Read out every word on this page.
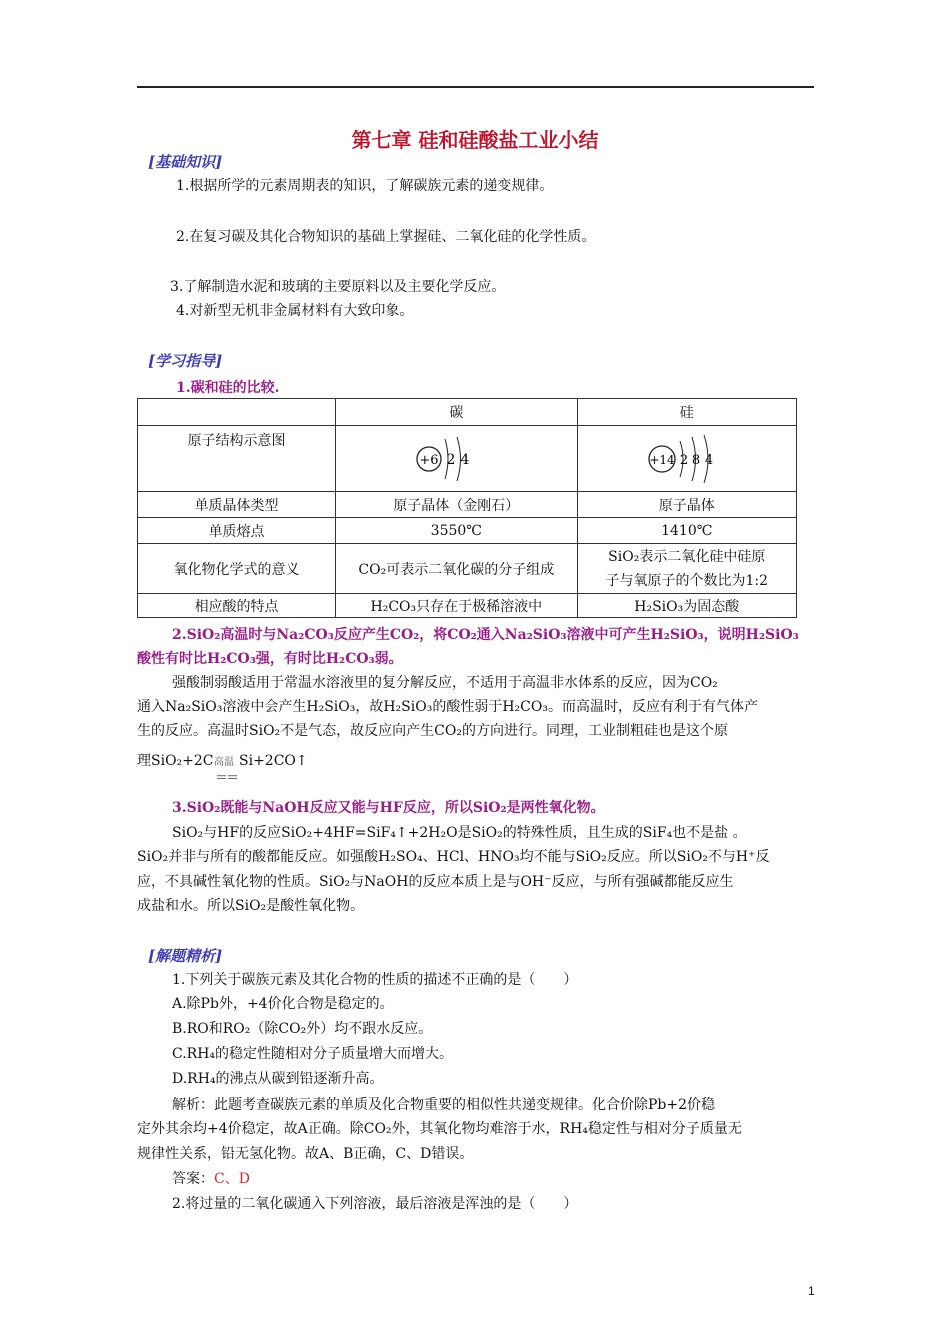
第七章 硅和硅酸盐工业小结
[基础知识]
1.根据所学的元素周期表的知识，了解碳族元素的递变规律。
2.在复习碳及其化合物知识的基础上掌握硅、二氧化硅的化学性质。
3.了解制造水泥和玻璃的主要原料以及主要化学反应。
4.对新型无机非金属材料有大致印象。
[学习指导]
1.碳和硅的比较.
	碳	硅
原子结构示意图	+6 2 4	+14 2 8 4

单质晶体类型	原子晶体（金刚石）	原子晶体
单质熔点	3550℃	1410℃
氧化物化学式的意义	CO₂可表示二氧化碳的分子组成	SiO₂表示二氧化硅中硅原
子与氧原子的个数比为1:2

相应酸的特点	H₂CO₃只存在于极稀溶液中	H₂SiO₃为固态酸
2.SiO₂高温时与Na₂CO₃反应产生CO₂，将CO₂通入Na₂SiO₃溶液中可产生H₂SiO₃，说明H₂SiO₃
酸性有时比H₂CO₃强，有时比H₂CO₃弱。
强酸制弱酸适用于常温水溶液里的复分解反应，不适用于高温非水体系的反应，因为CO₂
通入Na₂SiO₃溶液中会产生H₂SiO₃，故H₂SiO₃的酸性弱于H₂CO₃。而高温时，反应有利于有气体产
生的反应。高温时SiO₂不是气态，故反应向产生CO₂的方向进行。同理，工业制粗硅也是这个原
理SiO₂+2C 高温 Si+2CO↑
＝＝
3.SiO₂既能与NaOH反应又能与HF反应，所以SiO₂是两性氧化物。
SiO₂与HF的反应SiO₂+4HF=SiF₄↑+2H₂O是SiO₂的特殊性质，且生成的SiF₄也不是盐 。
SiO₂并非与所有的酸都能反应。如强酸H₂SO₄、HCl、HNO₃均不能与SiO₂反应。所以SiO₂不与H⁺反
应，不具碱性氧化物的性质。SiO₂与NaOH的反应本质上是与OH⁻反应，与所有强碱都能反应生
成盐和水。所以SiO₂是酸性氧化物。
[解题精析]
1.下列关于碳族元素及其化合物的性质的描述不正确的是（　　）
A.除Pb外，+4价化合物是稳定的。
B.RO和RO₂（除CO₂外）均不跟水反应。
C.RH₄的稳定性随相对分子质量增大而增大。
D.RH₄的沸点从碳到铅逐渐升高。
解析：此题考查碳族元素的单质及化合物重要的相似性共递变规律。化合价除Pb+2价稳
定外其余均+4价稳定，故A正确。除CO₂外，其氧化物均难溶于水，RH₄稳定性与相对分子质量无
规律性关系，铅无氢化物。故A、B正确，C、D错误。
答案：C、D
2.将过量的二氧化碳通入下列溶液，最后溶液是浑浊的是（　　）
1
